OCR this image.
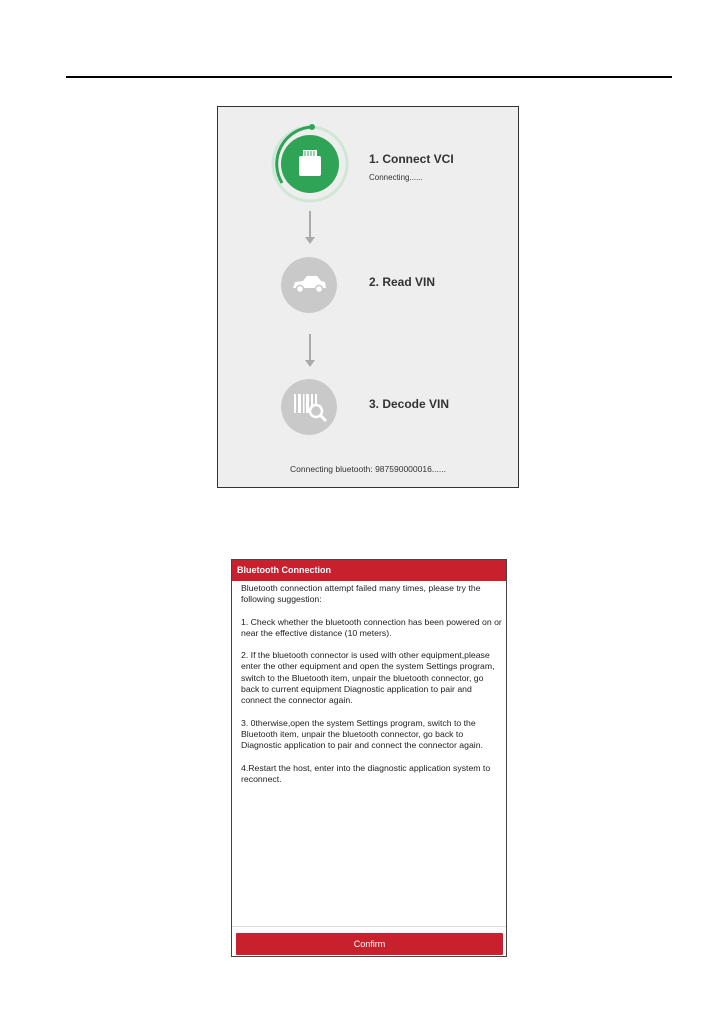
1. Connect VCI
Connecting......
2. Read VIN
3. Decode VIN
Connecting bluetooth: 987590000016......
Bluetooth Connection

Bluetooth connection attempt failed many times, please try the following suggestion:

1. Check whether the bluetooth connection has been powered on or near the effective distance (10 meters).

2. If the bluetooth connector is used with other equipment,please enter the other equipment and open the system Settings program, switch to the Bluetooth item, unpair the bluetooth connector, go back to current equipment Diagnostic application to pair and connect the connector again.

3. 0therwise,open the system Settings program, switch to the Bluetooth item, unpair the bluetooth connector, go back to Diagnostic application to pair and connect the connector again.

4.Restart the host, enter into the diagnostic application system to reconnect.

Confirm
